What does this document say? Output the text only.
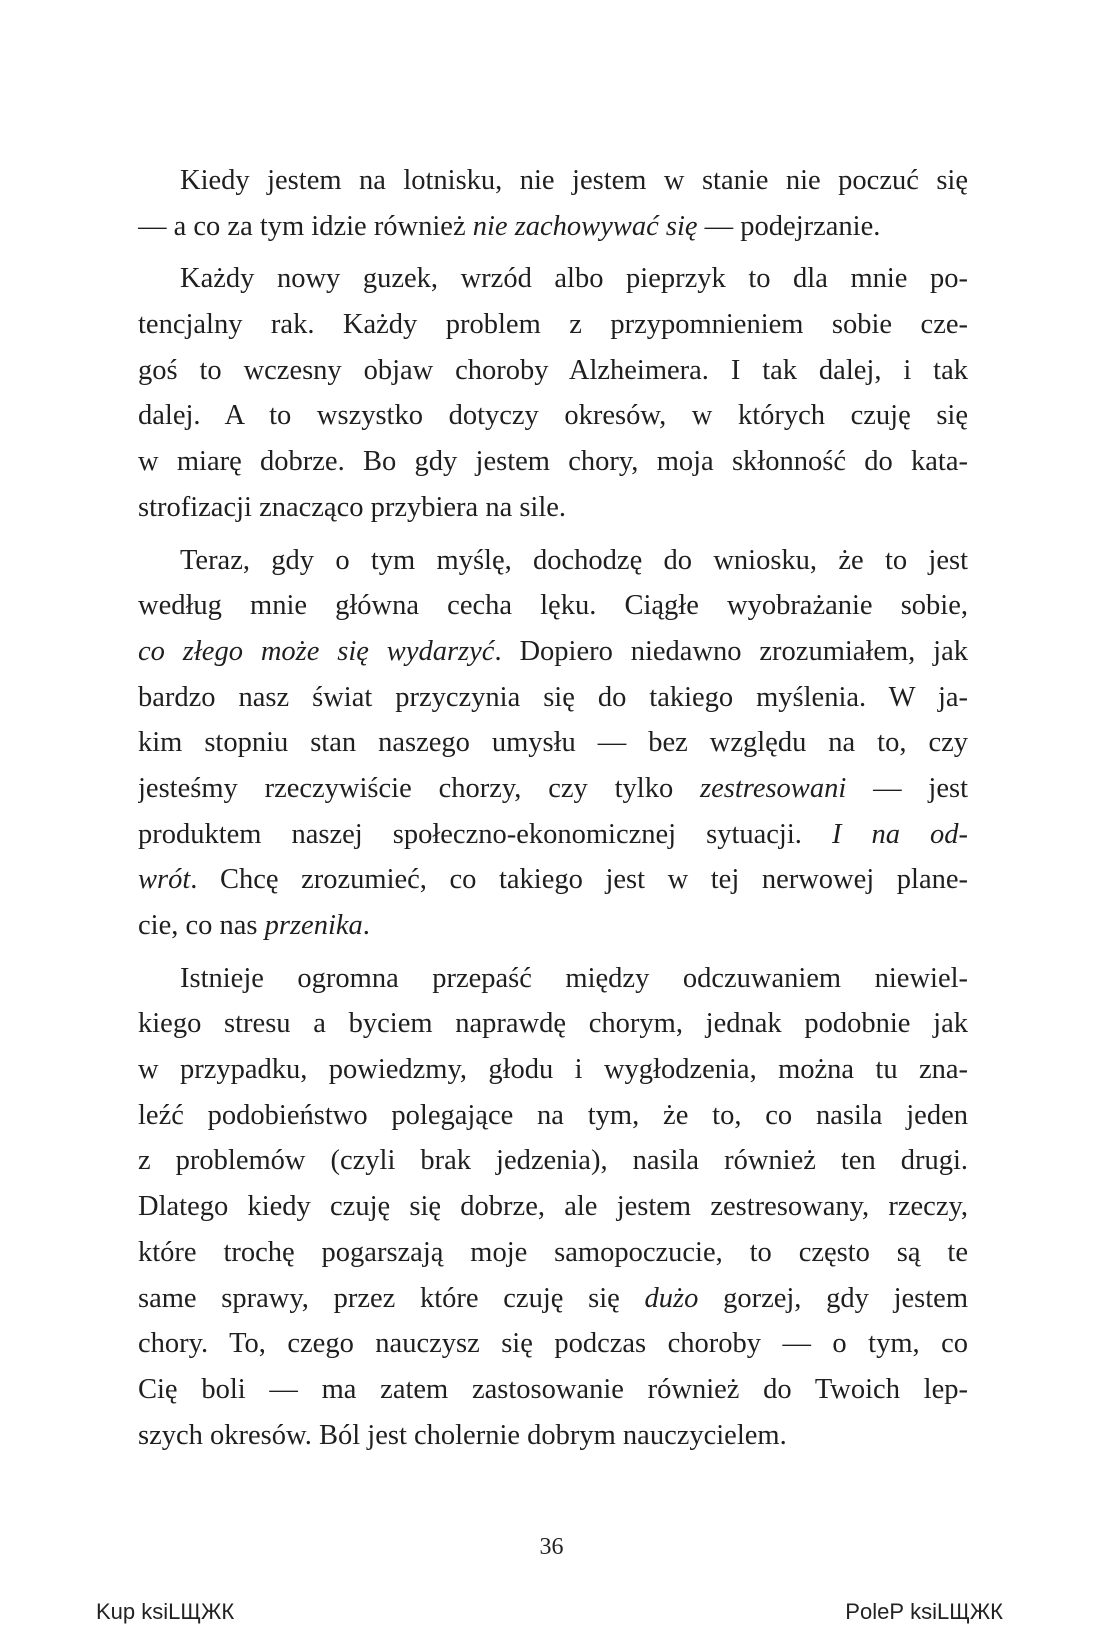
Kiedy jestem na lotnisku, nie jestem w stanie nie poczuć się
— a co za tym idzie również nie zachowywać się — podejrzanie.
Każdy nowy guzek, wrzód albo pieprzyk to dla mnie po-
tencjalny rak. Każdy problem z przypomnieniem sobie cze-
goś to wczesny objaw choroby Alzheimera. I tak dalej, i tak
dalej. A to wszystko dotyczy okresów, w których czuję się
w miarę dobrze. Bo gdy jestem chory, moja skłonność do kata-
strofizacji znacząco przybiera na sile.
Teraz, gdy o tym myślę, dochodzę do wniosku, że to jest
według mnie główna cecha lęku. Ciągłe wyobrażanie sobie,
co złego może się wydarzyć. Dopiero niedawno zrozumiałem, jak
bardzo nasz świat przyczynia się do takiego myślenia. W ja-
kim stopniu stan naszego umysłu — bez względu na to, czy
jesteśmy rzeczywiście chorzy, czy tylko zestresowani — jest
produktem naszej społeczno-ekonomicznej sytuacji. I na od-
wrót. Chcę zrozumieć, co takiego jest w tej nerwowej plane-
cie, co nas przenika.
Istnieje ogromna przepaść między odczuwaniem niewiel-
kiego stresu a byciem naprawdę chorym, jednak podobnie jak
w przypadku, powiedzmy, głodu i wygłodzenia, można tu zna-
leźć podobieństwo polegające na tym, że to, co nasila jeden
z problemów (czyli brak jedzenia), nasila również ten drugi.
Dlatego kiedy czuję się dobrze, ale jestem zestresowany, rzeczy,
które trochę pogarszają moje samopoczucie, to często są te
same sprawy, przez które czuję się dużo gorzej, gdy jestem
chory. To, czego nauczysz się podczas choroby — o tym, co
Cię boli — ma zatem zastosowanie również do Twoich lep-
szych okresów. Ból jest cholernie dobrym nauczycielem.
36
Kup ksiLЩЖК	PoleР ksiLЩЖК
